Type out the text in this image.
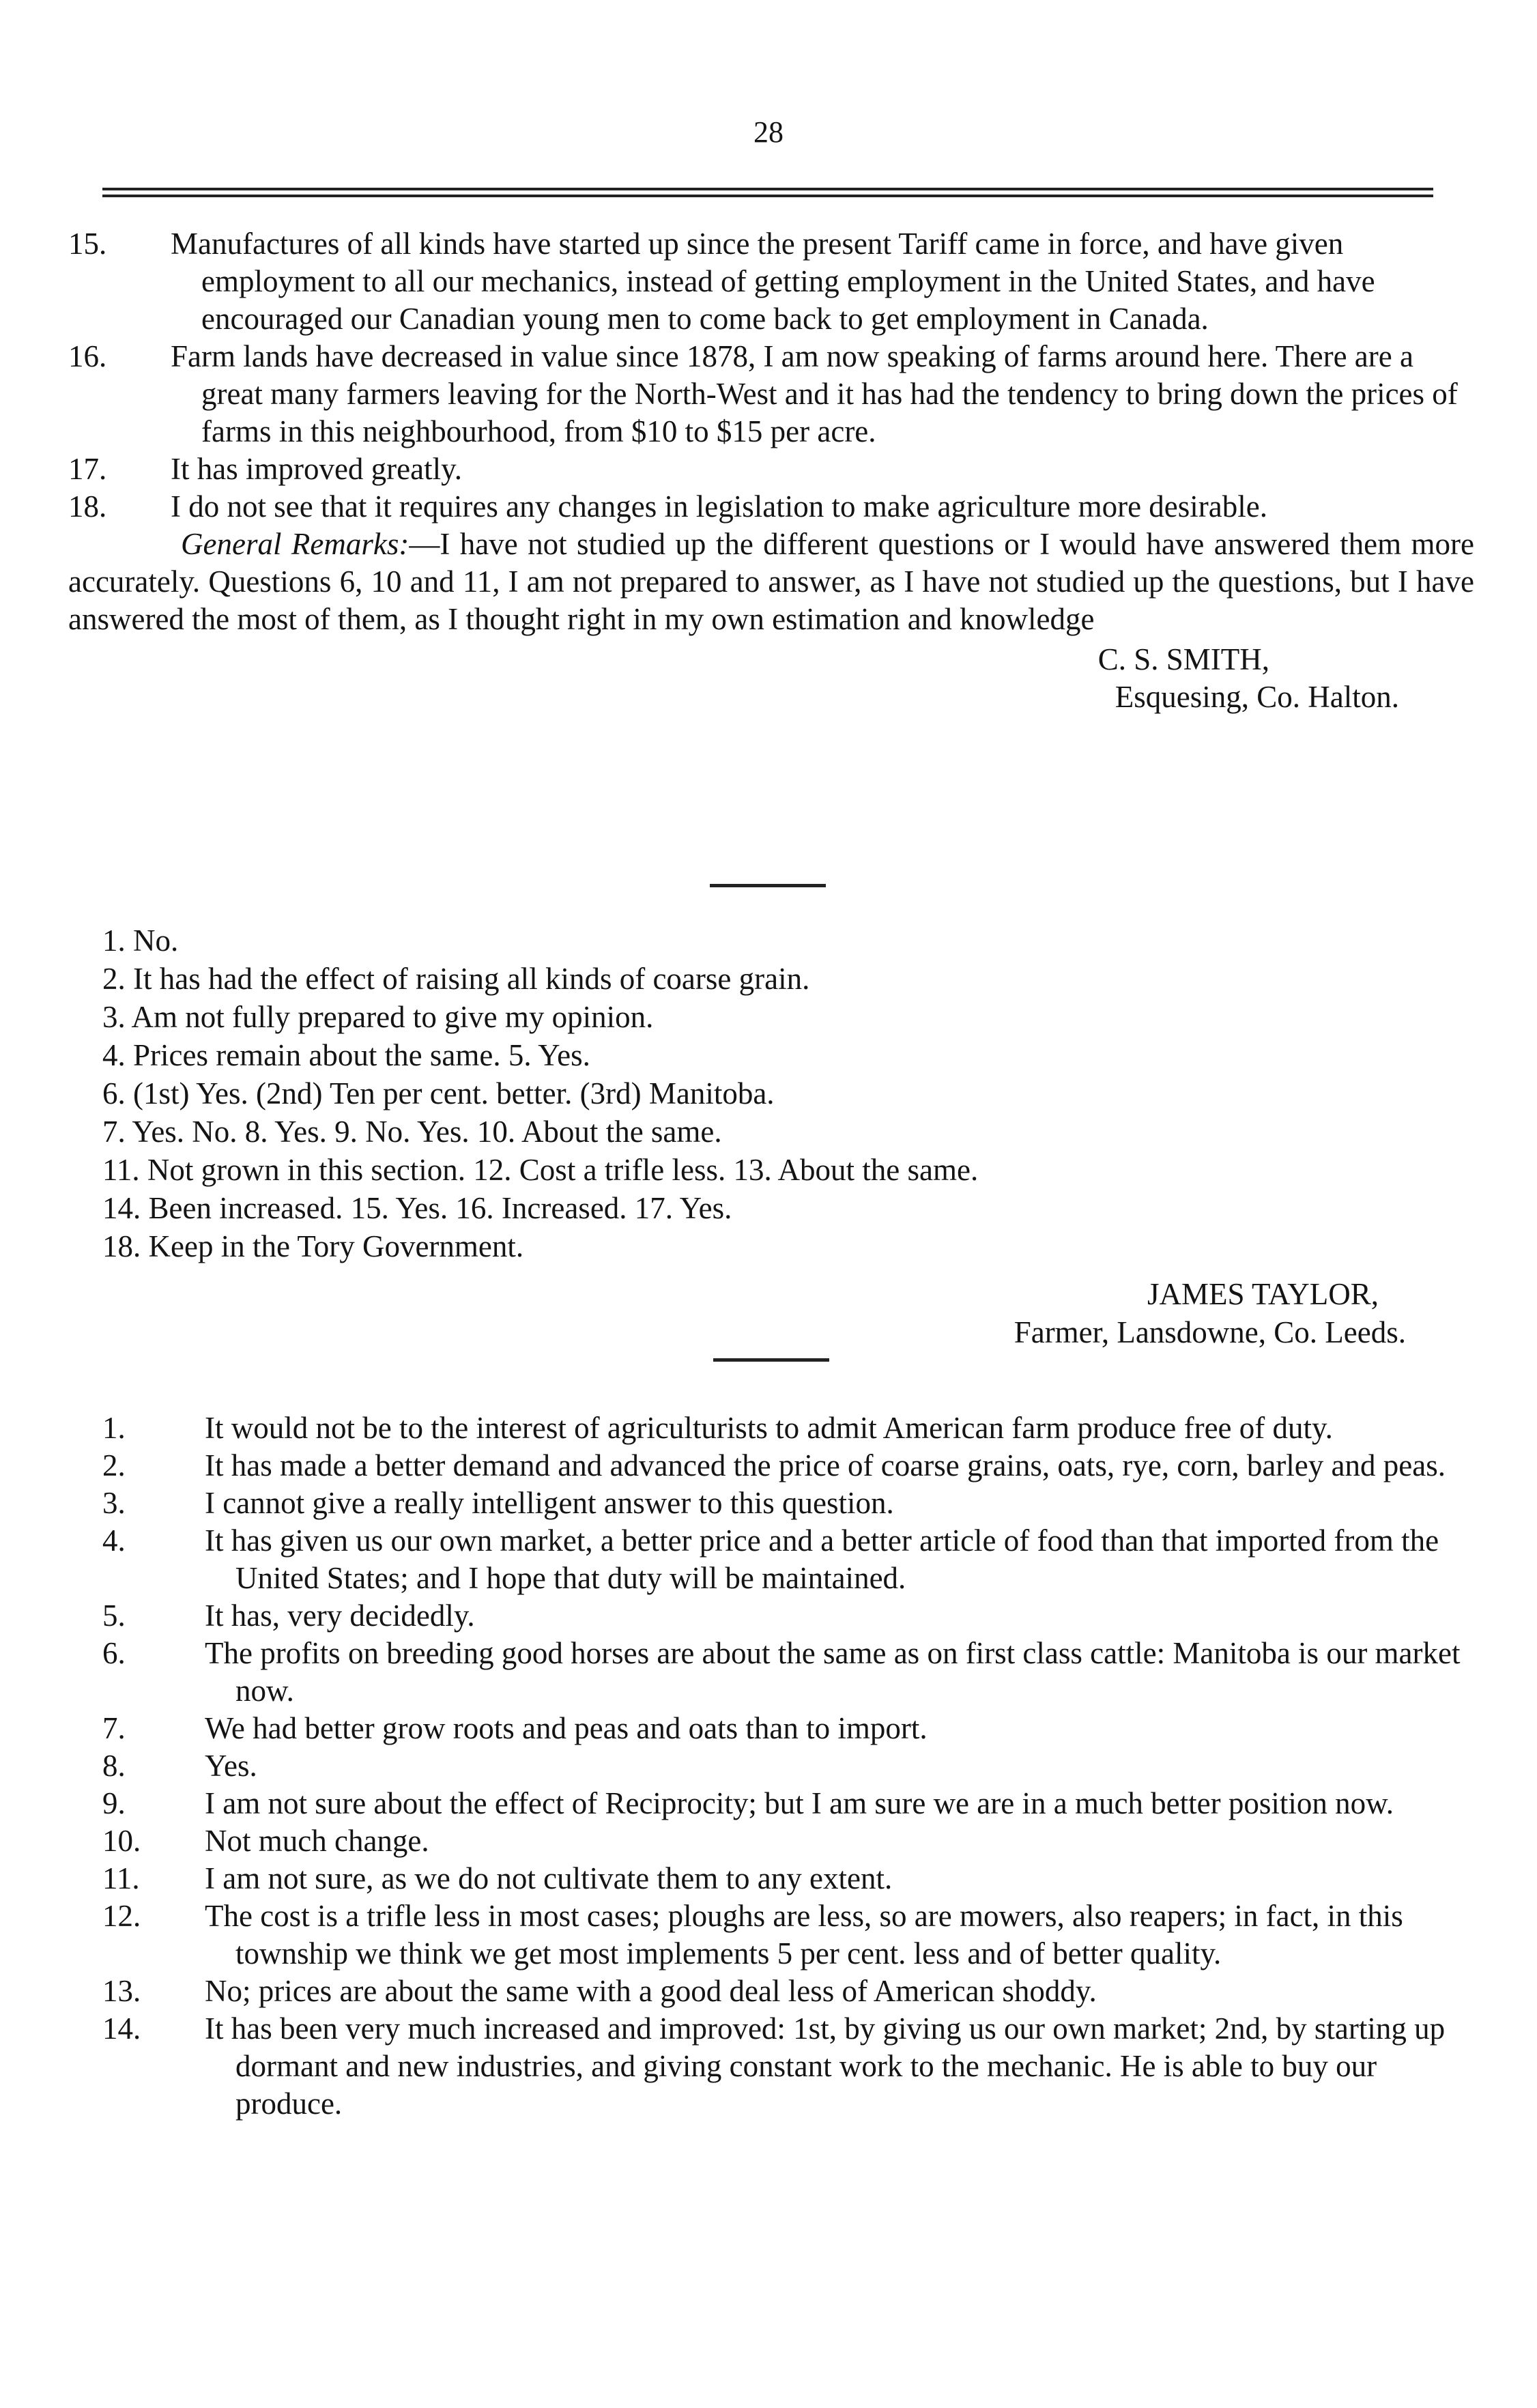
28

15. Manufactures of all kinds have started up since the present Tariff came in force, and have given employment to all our mechanics, instead of getting employment in the United States, and have encouraged our Canadian young men to come back to get employment in Canada.

16. Farm lands have decreased in value since 1878, I am now speaking of farms around here. There are a great many farmers leaving for the North-West and it has had the tendency to bring down the prices of farms in this neighbourhood, from $10 to $15 per acre.

17. It has improved greatly.

18. I do not see that it requires any changes in legislation to make agriculture more desirable.

General Remarks:—I have not studied up the different questions or I would have answered them more accurately. Questions 6, 10 and 11, I am not prepared to answer, as I have not studied up the questions, but I have answered the most of them, as I thought right in my own estimation and knowledge

C. S. SMITH,

Esquesing, Co. Halton.

1. No.

2. It has had the effect of raising all kinds of coarse grain.

3. Am not fully prepared to give my opinion.

4. Prices remain about the same. 5. Yes.

6. (1st) Yes. (2nd) Ten per cent. better. (3rd) Manitoba.

7. Yes. No. 8. Yes. 9. No. Yes. 10. About the same.

11. Not grown in this section. 12. Cost a trifle less. 13. About the same.

14. Been increased. 15. Yes. 16. Increased. 17. Yes.

18. Keep in the Tory Government.

JAMES TAYLOR,

Farmer, Lansdowne, Co. Leeds.

1.	It would not be to the interest of agriculturists to admit American farm produce free of duty.

2.	It has made a better demand and advanced the price of coarse grains, oats, rye, corn, barley and peas.

3.	I cannot give a really intelligent answer to this question.

4.	It has given us our own market, a better price and a better article of food than that imported from the United States; and I hope that duty will be maintained.

5.	It has, very decidedly.

6.	The profits on breeding good horses are about the same as on first class cattle: Manitoba is our market now.

7.	We had better grow roots and peas and oats than to import.

8.	Yes.

9.	I am not sure about the effect of Reciprocity; but I am sure we are in a much better position now.

10. Not much change.

11. I am not sure, as we do not cultivate them to any extent.

12. The cost is a trifle less in most cases; ploughs are less, so are mowers, also reapers; in fact, in this township we think we get most implements 5 per cent. less and of better quality.

13. No; prices are about the same with a good deal less of American shoddy.

14. It has been very much increased and improved: 1st, by giving us our own market; 2nd, by starting up dormant and new industries, and giving constant work to the mechanic. He is able to buy our produce.
